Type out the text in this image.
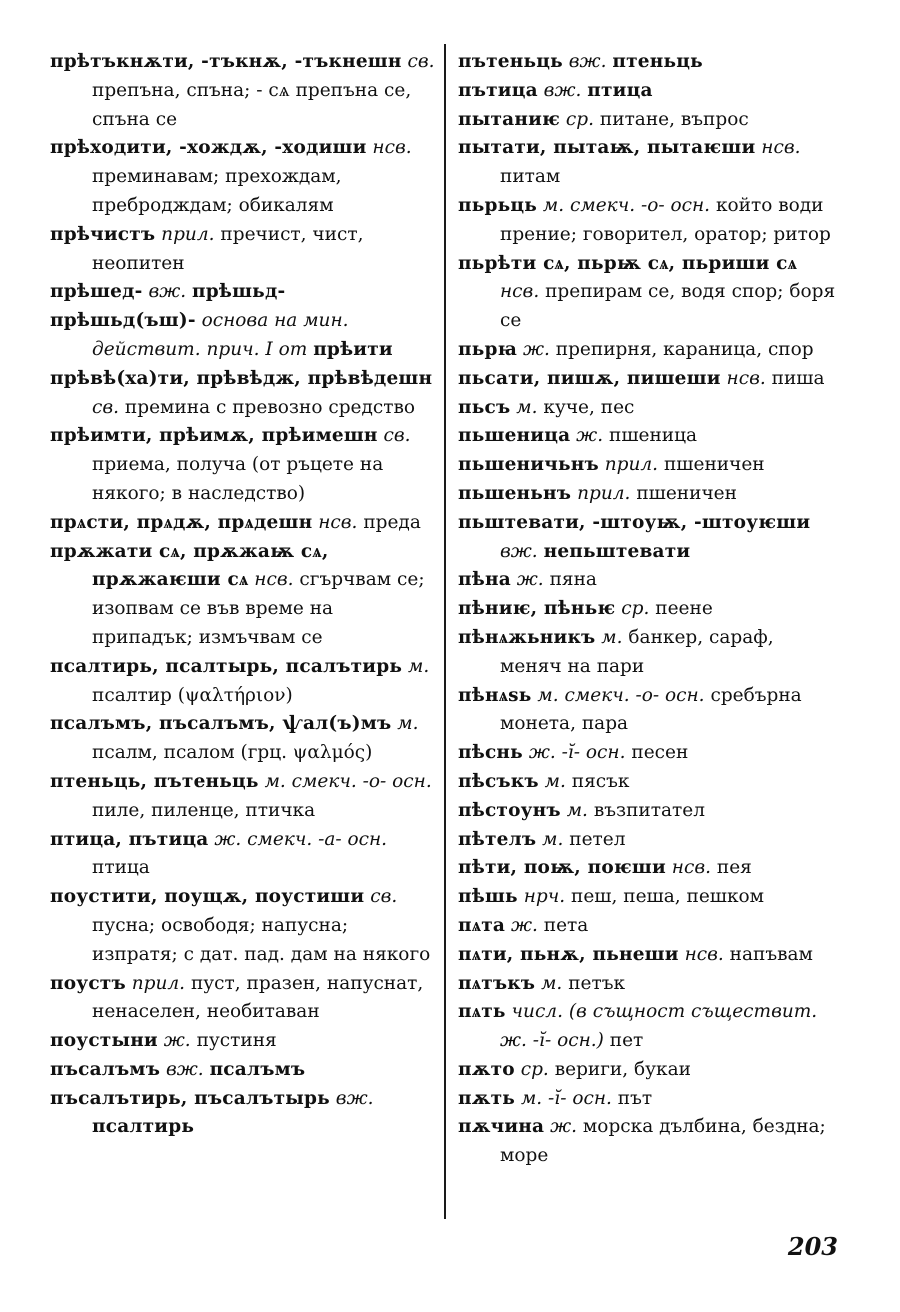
прѣтъкнѫти, -тъкнѫ, -тъкнешн св. препъна, спъна; - сѧ препъна се, спъна се

прѣходити, -хождѫ, -ходиши нсв. преминавам; прехождам, пребродждам; обикалям

прѣчистъ прил. пречист, чист, неопитен

прѣшед- вж. прѣшьд-

прѣшьд(ъш)- основа на мин. действит. прич. I от прѣити

прѣвѣ(ха)ти, прѣвѣдж, прѣвѣдешн св. премина с превозно средство

прѣимти, прѣимѫ, прѣимешн св. приема, получа (от ръцете на някого; в наследство)

прѧсти, прѧдѫ, прѧдешн нсв. преда

прѫжати сѧ, прѫжаѭ сѧ, прѫжаѥши сѧ нсв. сгърчвам се; изопвам се във време на припадък; измъчвам се

псалтирь, псалтырь, псалътирь м. псалтир (ψαλτήριον)

псалъмъ, пъсалъмъ, ѱал(ъ)мъ м. псалм, псалом (грц. ψαλμός)

птеньць, пътеньць м. смекч. -о- осн. пиле, пиленце, птичка

птица, пътица ж. смекч. -а- осн. птица

поустити, поущѫ, поустиши св. пусна; освободя; напусна; изпратя; с дат. пад. дам на някого

поустъ прил. пуст, празен, напуснат, ненаселен, необитаван

поустыни ж. пустиня

пъсалъмъ вж. псалъмъ

пъсалътирь, пъсалътырь вж. псалтирь

пътеньць вж. птеньць

пътица вж. птица

пытаниѥ ср. питане, въпрос

пытати, пытаѭ, пытаѥши нсв. питам

пьрьць м. смекч. -о- осн. който води прение; говорител, оратор; ритор

пьрѣти сѧ, пьрѭ сѧ, пьриши сѧ нсв. препирам се, водя спор; боря се

пьрꙗ ж. препирня, караница, спор

пьсати, пишѫ, пишеши нсв. пиша

пьсъ м. куче, пес

пьшеница ж. пшеница

пьшеничьнъ прил. пшеничен

пьшеньнъ прил. пшеничен

пьштевати, -штоуѭ, -штоуѥши вж. непьштевати

пѣна ж. пяна

пѣниѥ, пѣньѥ ср. пеене

пѣнѧжьникъ м. банкер, сараф, меняч на пари

пѣнѧѕь м. смекч. -о- осн. сребърна монета, пара

пѣснь ж. -ĭ- осн. песен

пѣсъкъ м. пясък

пѣстоунъ м. възпитател

пѣтелъ м. петел

пѣти, поѭ, поѥши нсв. пея

пѣшь нрч. пеш, пеша, пешком

пѧта ж. пета

пѧти, пьнѫ, пьнеши нсв. напъвам

пѧтъкъ м. петък

пѧть числ. (в същност съществит. ж. -ĭ- осн.) пет

пѫто ср. вериги, букаи

пѫть м. -ĭ- осн. път

пѫчина ж. морска дълбина, бездна; море

203
